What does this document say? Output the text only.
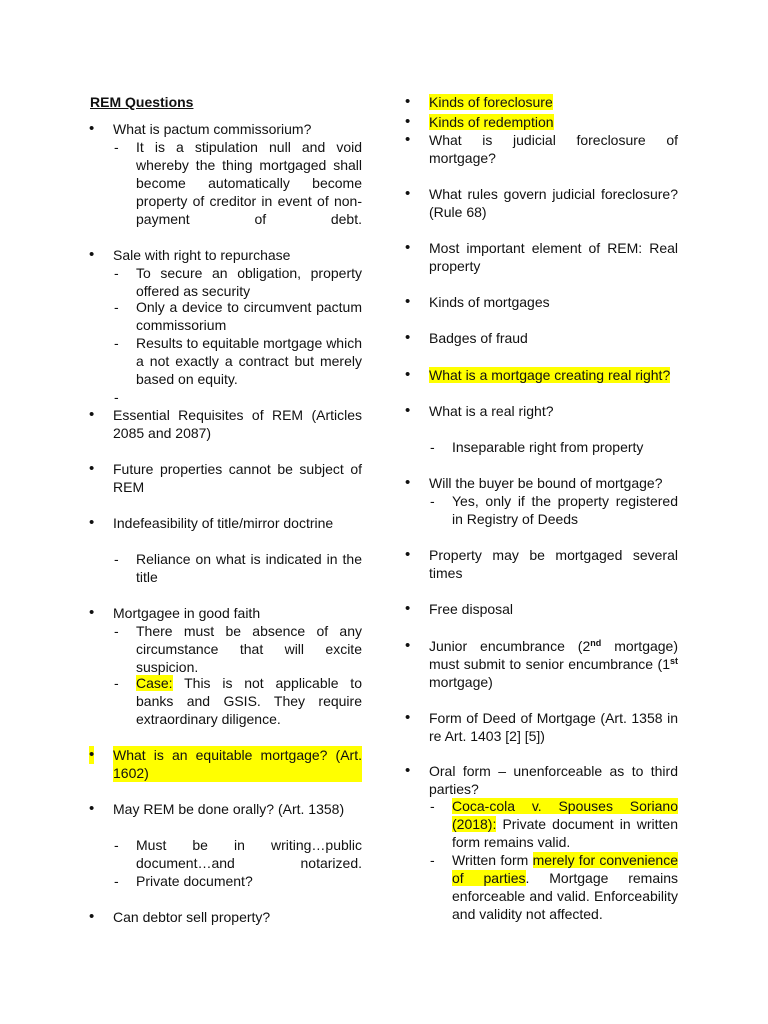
REM Questions

• What is pactum commissorium?

- It is a stipulation null and void whereby the thing mortgaged shall become automatically become property of creditor in event of non-payment of debt.

• Sale with right to repurchase

- To secure an obligation, property offered as security

- Only a device to circumvent pactum commissorium

- Results to equitable mortgage which a not exactly a contract but merely based on equity.

• Essential Requisites of REM (Articles 2085 and 2087)

• Future properties cannot be subject of REM

• Indefeasibility of title/mirror doctrine

- Reliance on what is indicated in the title

• Mortgagee in good faith

- There must be absence of any circumstance that will excite suspicion.

- Case: This is not applicable to banks and GSIS. They require extraordinary diligence.

• What is an equitable mortgage? (Art. 1602)

• May REM be done orally? (Art. 1358)

- Must be in writing…public document…and notarized.

- Private document?

• Can debtor sell property?

• Kinds of foreclosure

• Kinds of redemption

• What is judicial foreclosure of mortgage?

• What rules govern judicial foreclosure? (Rule 68)

• Most important element of REM: Real property

• Kinds of mortgages

• Badges of fraud

• What is a mortgage creating real right?

• What is a real right?

- Inseparable right from property

• Will the buyer be bound of mortgage?

- Yes, only if the property registered in Registry of Deeds

• Property may be mortgaged several times

• Free disposal

• Junior encumbrance (2nd mortgage) must submit to senior encumbrance (1st mortgage)

• Form of Deed of Mortgage (Art. 1358 in re Art. 1403 [2] [5])

• Oral form – unenforceable as to third parties?

- Coca-cola v. Spouses Soriano (2018): Private document in written form remains valid.

- Written form merely for convenience of parties. Mortgage remains enforceable and valid. Enforceability and validity not affected.
